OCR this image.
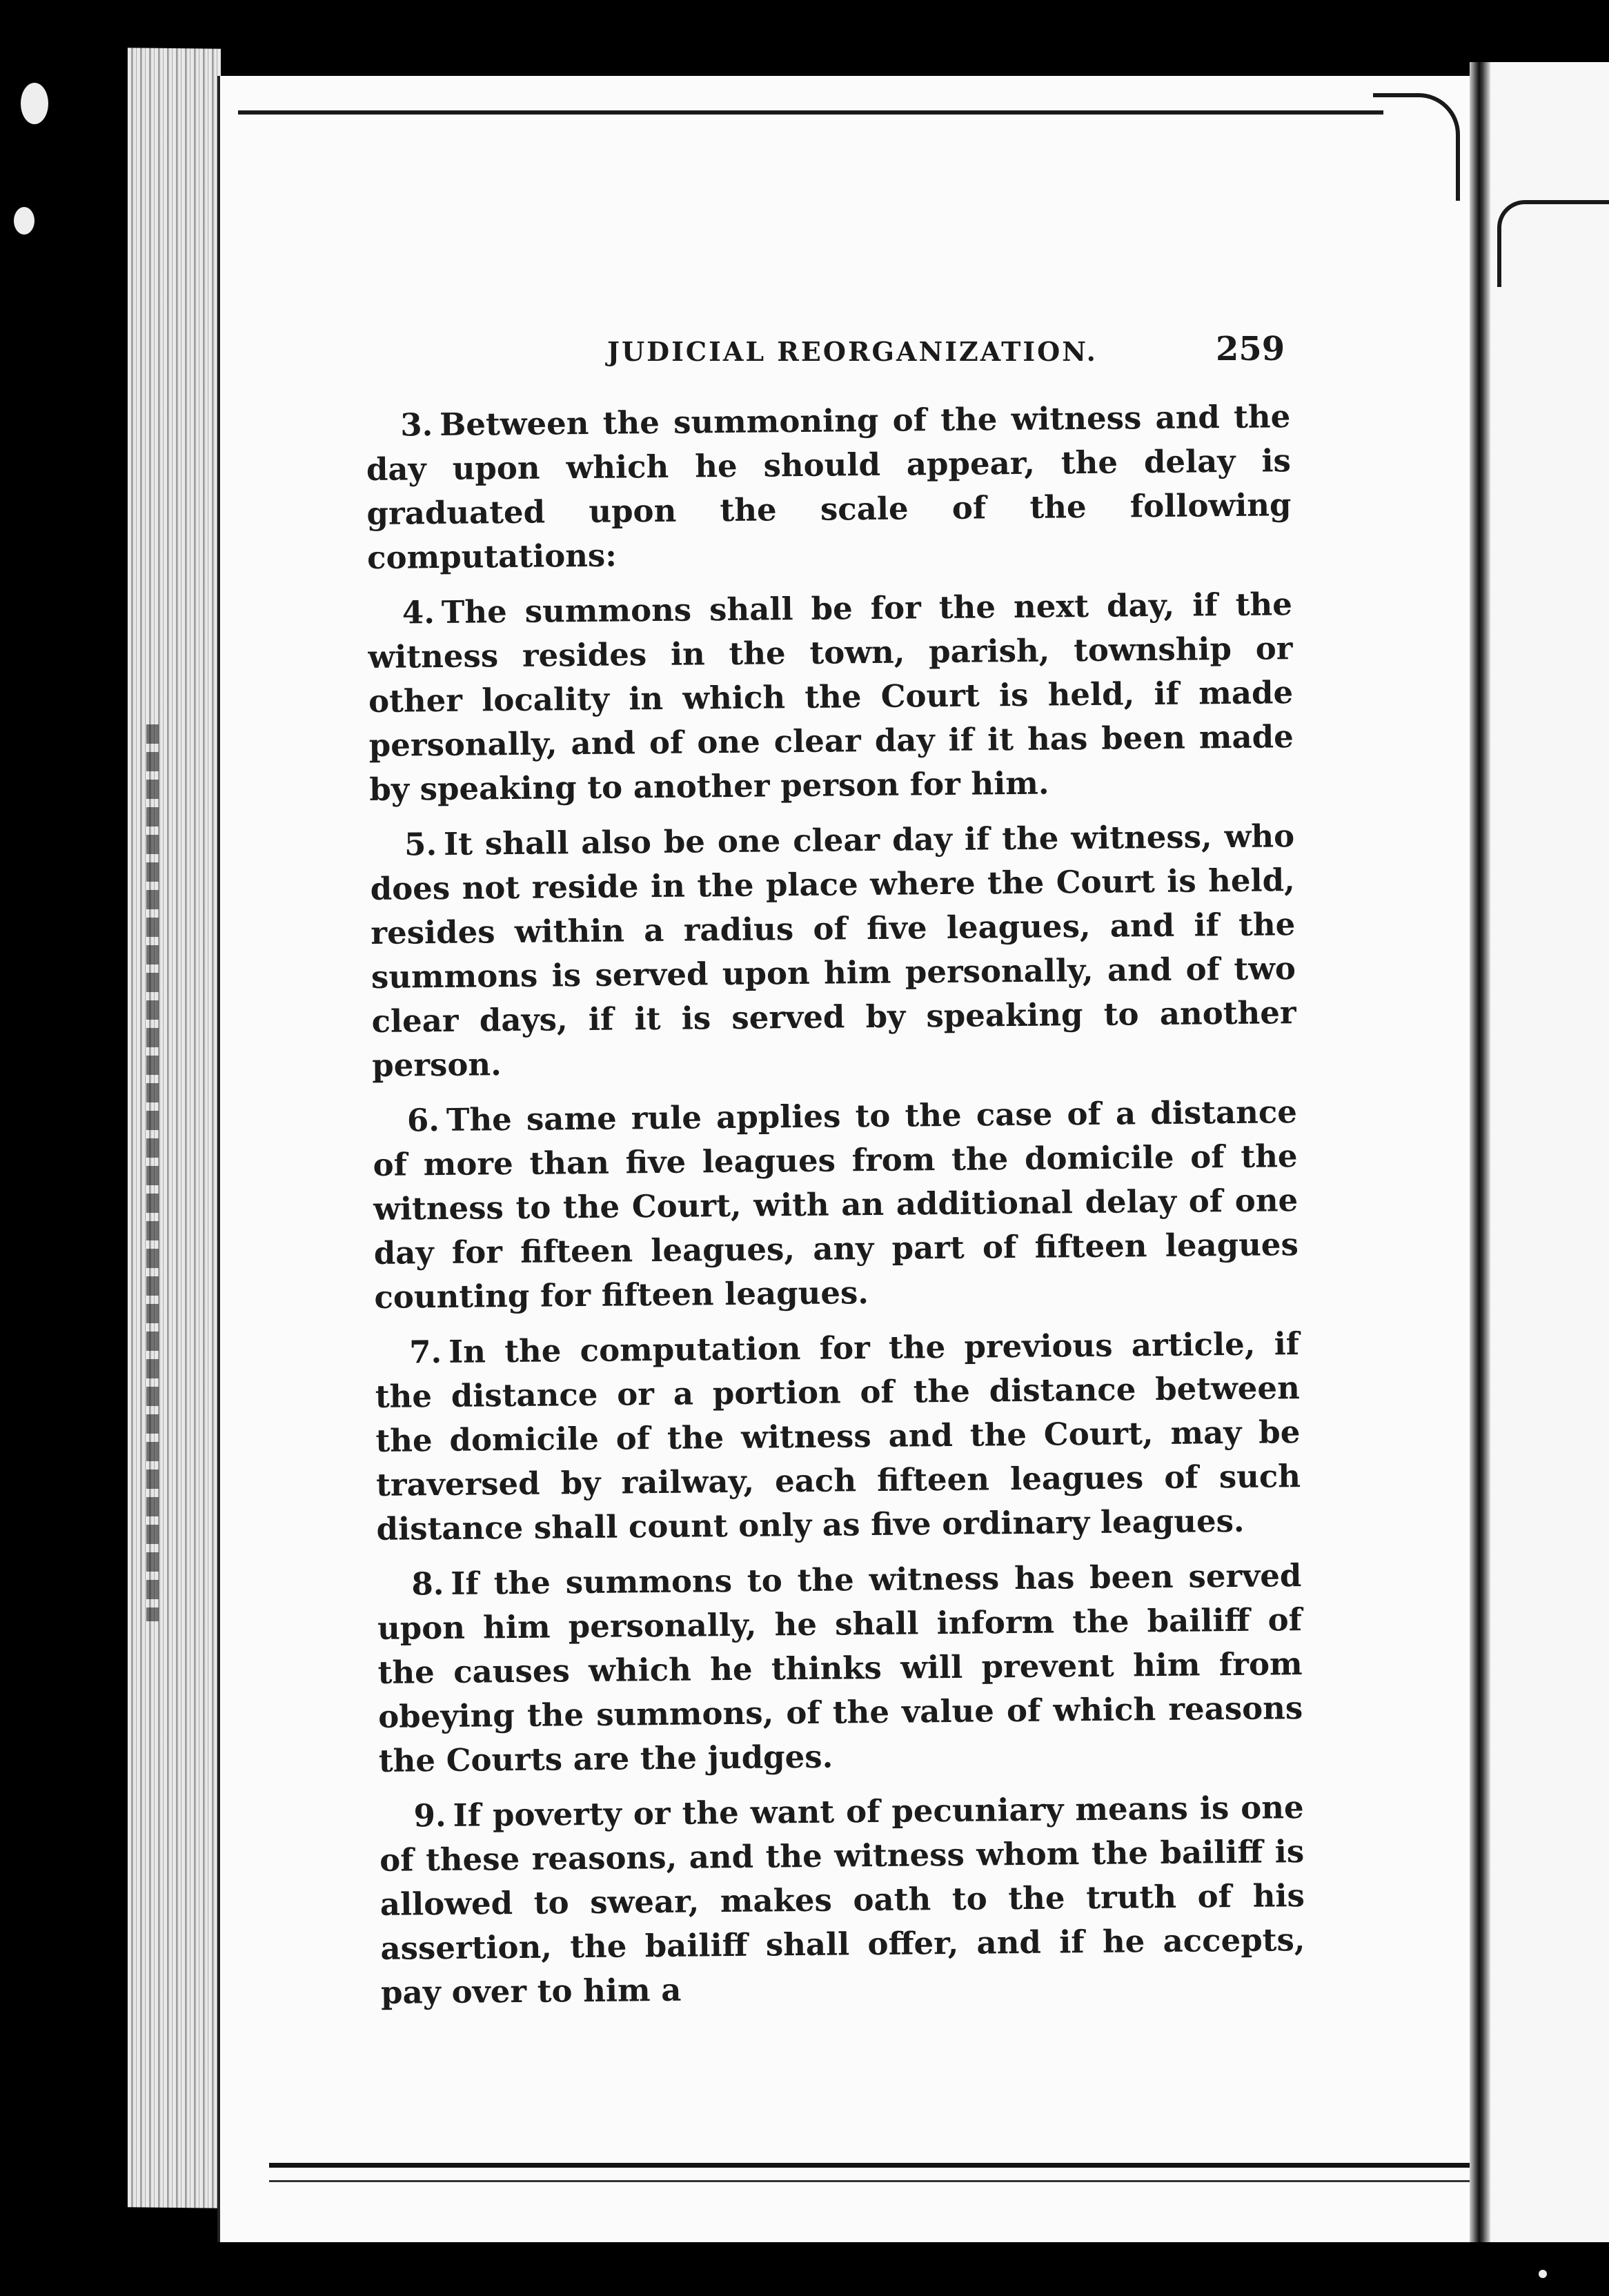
JUDICIAL REORGANIZATION.	259

3. Between the summoning of the witness and the day upon which he should appear, the delay is graduated upon the scale of the following computations:

4. The summons shall be for the next day, if the witness resides in the town, parish, township or other locality in which the Court is held, if made personally, and of one clear day if it has been made by speaking to another person for him.

5. It shall also be one clear day if the witness, who does not reside in the place where the Court is held, resides within a radius of five leagues, and if the summons is served upon him personally, and of two clear days, if it is served by speaking to another person.

6. The same rule applies to the case of a distance of more than five leagues from the domicile of the witness to the Court, with an additional delay of one day for fifteen leagues, any part of fifteen leagues counting for fifteen leagues.

7. In the computation for the previous article, if the distance or a portion of the distance between the domicile of the witness and the Court, may be traversed by railway, each fifteen leagues of such distance shall count only as five ordinary leagues.

8. If the summons to the witness has been served upon him personally, he shall inform the bailiff of the causes which he thinks will prevent him from obeying the summons, of the value of which reasons the Courts are the judges.

9. If poverty or the want of pecuniary means is one of these reasons, and the witness whom the bailiff is allowed to swear, makes oath to the truth of his assertion, the bailiff shall offer, and if he accepts, pay over to him a
